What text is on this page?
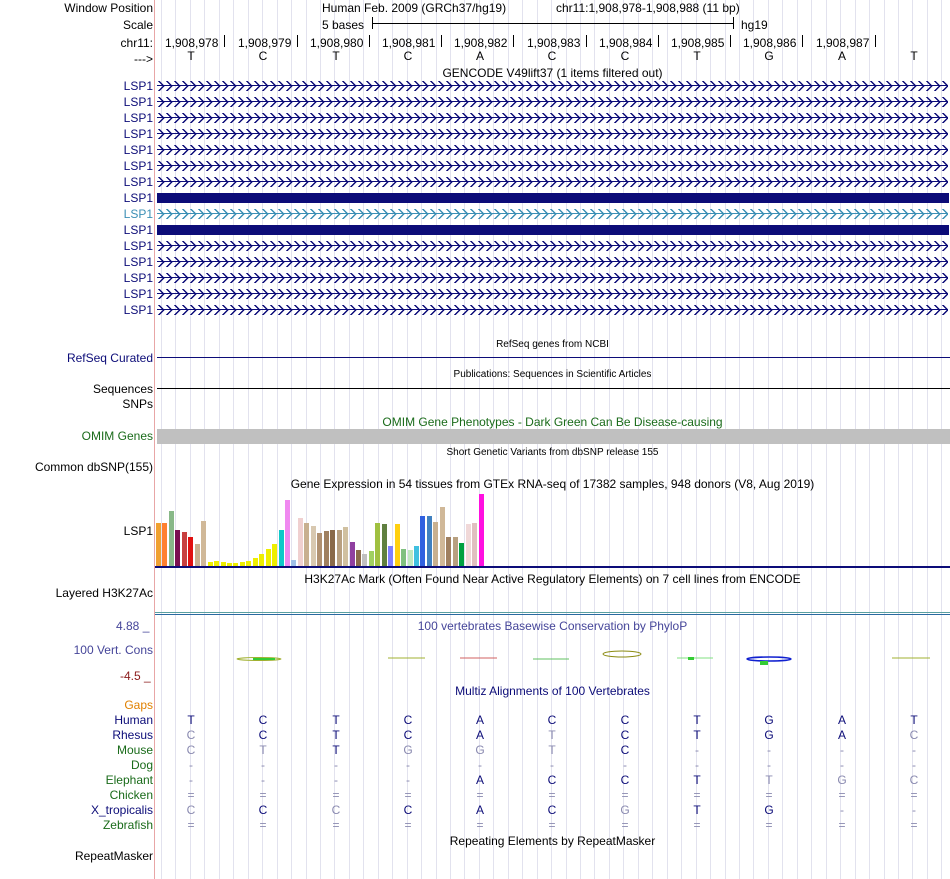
Window Position	Human Feb. 2009 (GRCh37/hg19)	chr11:1,908,978-1,908,988 (11 bp)
Scale	5 bases	hg19
chr11:
--->
GENCODE V49lift37 (1 items filtered out)
RefSeq genes from NCBI
RefSeq Curated
Publications: Sequences in Scientific Articles
Sequences
SNPs
OMIM Gene Phenotypes - Dark Green Can Be Disease-causing
OMIM Genes
Short Genetic Variants from dbSNP release 155
Common dbSNP(155)
Gene Expression in 54 tissues from GTEx RNA-seq of 17382 samples, 948 donors (V8, Aug 2019)
LSP1
H3K27Ac Mark (Often Found Near Active Regulatory Elements) on 7 cell lines from ENCODE
Layered H3K27Ac
4.88 _	100 vertebrates Basewise Conservation by PhyloP
100 Vert. Cons
-4.5 _
Multiz Alignments of 100 Vertebrates
Gaps
Repeating Elements by RepeatMasker
RepeatMasker
1,908,978 1,908,979 1,908,980 1,908,981 1,908,982 1,908,983 1,908,984 1,908,985 1,908,986 1,908,987
T	C	T	C	A	C	C	T	G	A	T
LSP1
LSP1
LSP1
LSP1
LSP1
LSP1
LSP1
LSP1
LSP1
LSP1
LSP1
LSP1
LSP1
LSP1
LSP1
Human	T	C	T	C	A	C	C	T	G	A	T
Rhesus	C	C	T	C	A	T	C	T	G	A	C
Mouse	C	T	T	G	G	T	C	-	-	-	-
Dog	-	-	-	-	-	-	-	-	-	-	-
Elephant	-	-	-	-	A	C	C	T	T	G	C
Chicken	=	=	=	=	=	=	=	=	=	=	=
X_tropicalis	C	C	C	C	A	C	G	T	G	-	-
Zebrafish	=	=	=	=	=	=	=	=	=	=	=
